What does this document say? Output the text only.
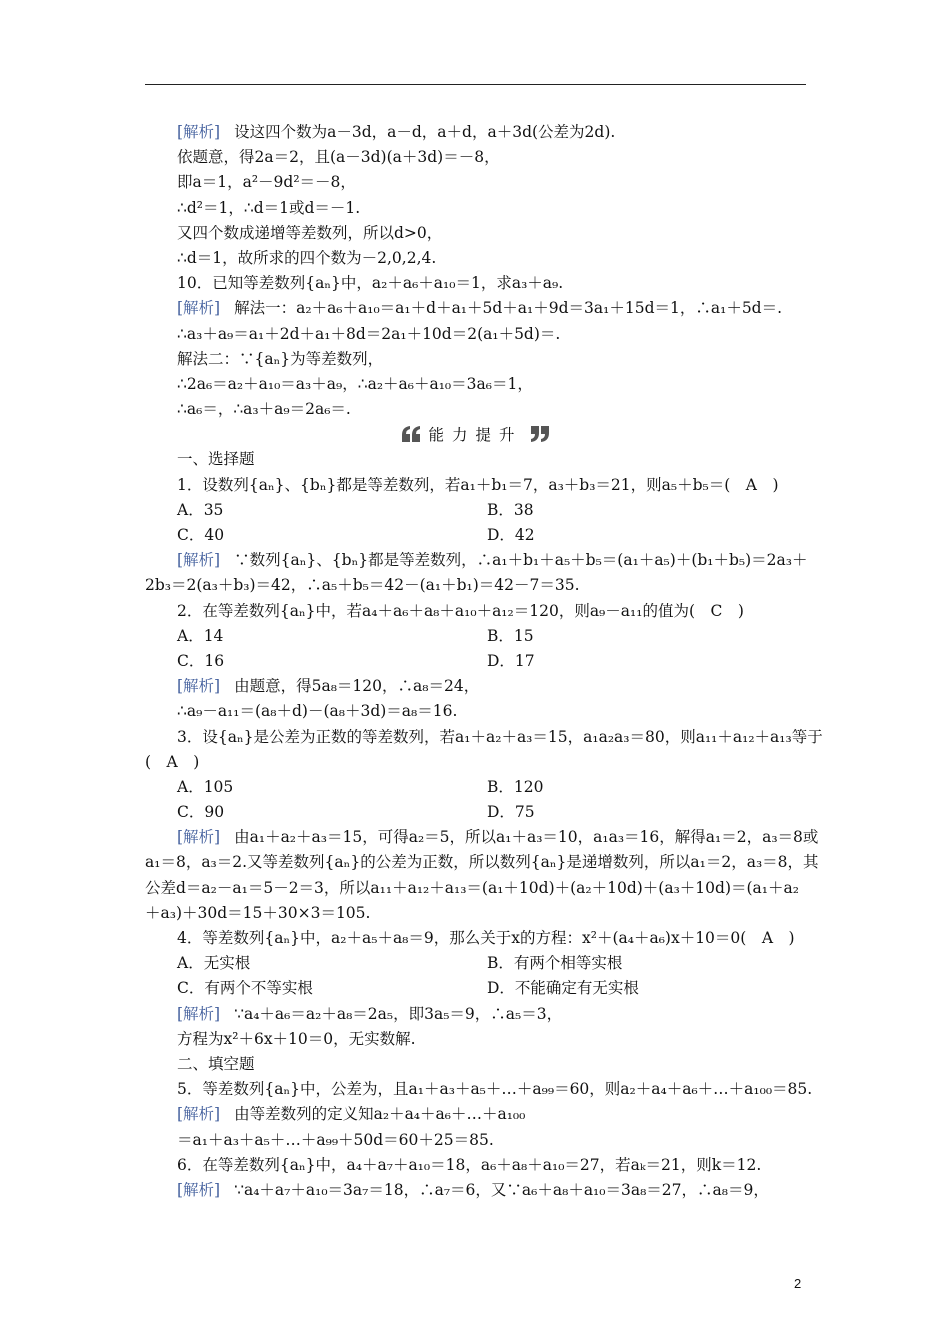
[解析] 设这四个数为a－3d，a－d，a＋d，a＋3d(公差为2d).
依题意，得2a＝2，且(a－3d)(a＋3d)＝－8，
即a＝1，a²－9d²＝－8，
∴d²＝1，∴d＝1或d＝－1.
又四个数成递增等差数列，所以d>0，
∴d＝1，故所求的四个数为－2,0,2,4.
10．已知等差数列{aₙ}中，a₂＋a₆＋a₁₀＝1，求a₃＋a₉.
[解析] 解法一：a₂＋a₆＋a₁₀＝a₁＋d＋a₁＋5d＋a₁＋9d＝3a₁＋15d＝1，∴a₁＋5d＝.
∴a₃＋a₉＝a₁＋2d＋a₁＋8d＝2a₁＋10d＝2(a₁＋5d)＝.
解法二：∵{aₙ}为等差数列，
∴2a₆＝a₂＋a₁₀＝a₃＋a₉，∴a₂＋a₆＋a₁₀＝3a₆＝1，
∴a₆＝，∴a₃＋a₉＝2a₆＝.
能力提升
一、选择题
1．设数列{aₙ}、{bₙ}都是等差数列，若a₁＋b₁＝7，a₃＋b₃＝21，则a₅＋b₅＝(　A　)
A．35	B．38
C．40	D．42
[解析] ∵数列{aₙ}、{bₙ}都是等差数列，∴a₁＋b₁＋a₅＋b₅＝(a₁＋a₅)＋(b₁＋b₅)＝2a₃＋
2b₃＝2(a₃＋b₃)＝42，∴a₅＋b₅＝42－(a₁＋b₁)＝42－7＝35.
2．在等差数列{aₙ}中，若a₄＋a₆＋a₈＋a₁₀＋a₁₂＝120，则a₉－a₁₁的值为(　C　)
A．14	B．15
C．16	D．17
[解析] 由题意，得5a₈＝120，∴a₈＝24，
∴a₉－a₁₁＝(a₈＋d)－(a₈＋3d)＝a₈＝16.
3．设{aₙ}是公差为正数的等差数列，若a₁＋a₂＋a₃＝15，a₁a₂a₃＝80，则a₁₁＋a₁₂＋a₁₃等于
(　A　)
A．105	B．120
C．90	D．75
[解析] 由a₁＋a₂＋a₃＝15，可得a₂＝5，所以a₁＋a₃＝10，a₁a₃＝16，解得a₁＝2，a₃＝8或
a₁＝8，a₃＝2.又等差数列{aₙ}的公差为正数，所以数列{aₙ}是递增数列，所以a₁＝2，a₃＝8，其
公差d＝a₂－a₁＝5－2＝3，所以a₁₁＋a₁₂＋a₁₃＝(a₁＋10d)＋(a₂＋10d)＋(a₃＋10d)＝(a₁＋a₂
＋a₃)＋30d＝15＋30×3＝105.
4．等差数列{aₙ}中，a₂＋a₅＋a₈＝9，那么关于x的方程：x²＋(a₄＋a₆)x＋10＝0(　A　)
A．无实根	B．有两个相等实根
C．有两个不等实根	D．不能确定有无实根
[解析] ∵a₄＋a₆＝a₂＋a₈＝2a₅，即3a₅＝9，∴a₅＝3，
方程为x²＋6x＋10＝0，无实数解.
二、填空题
5．等差数列{aₙ}中，公差为，且a₁＋a₃＋a₅＋…＋a₉₉＝60，则a₂＋a₄＋a₆＋…＋a₁₀₀＝85.
[解析] 由等差数列的定义知a₂＋a₄＋a₆＋…＋a₁₀₀
＝a₁＋a₃＋a₅＋…＋a₉₉＋50d＝60＋25＝85.
6．在等差数列{aₙ}中，a₄＋a₇＋a₁₀＝18，a₆＋a₈＋a₁₀＝27，若aₖ＝21，则k＝12.
[解析] ∵a₄＋a₇＋a₁₀＝3a₇＝18，∴a₇＝6，又∵a₆＋a₈＋a₁₀＝3a₈＝27，∴a₈＝9，
2
